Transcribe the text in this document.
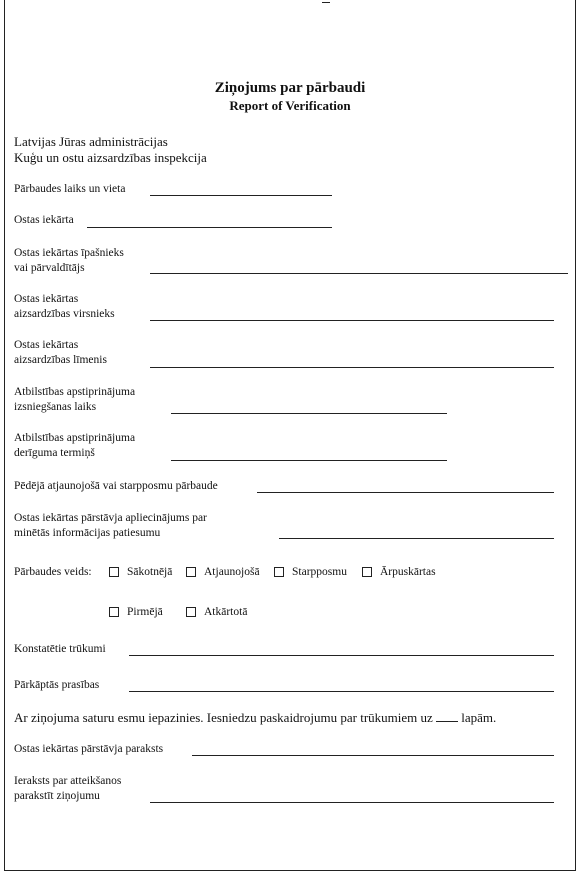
Ziņojums par pārbaudi
Report of Verification
Latvijas Jūras administrācijas
Kuģu un ostu aizsardzības inspekcija
Pārbaudes laiks un vieta
Ostas iekārta
Ostas iekārtas īpašnieks
vai pārvaldītājs
Ostas iekārtas
aizsardzības virsnieks
Ostas iekārtas
aizsardzības līmenis
Atbilstības apstiprinājuma
izsniegšanas laiks
Atbilstības apstiprinājuma
derīguma termiņš
Pēdējā atjaunojošā vai starpposmu pārbaude
Ostas iekārtas pārstāvja apliecinājums par
minētās informācijas patiesumu
Pārbaudes veids:	Sākotnējā	Atjaunojošā	Starpposmu	Ārpuskārtas
Pirmējā	Atkārtotā
Konstatētie trūkumi
Pārkāptās prasības
Ar ziņojuma saturu esmu iepazinies. Iesniedzu paskaidrojumu par trūkumiem uz lapām.
Ostas iekārtas pārstāvja paraksts
Ieraksts par atteikšanos
parakstīt ziņojumu
